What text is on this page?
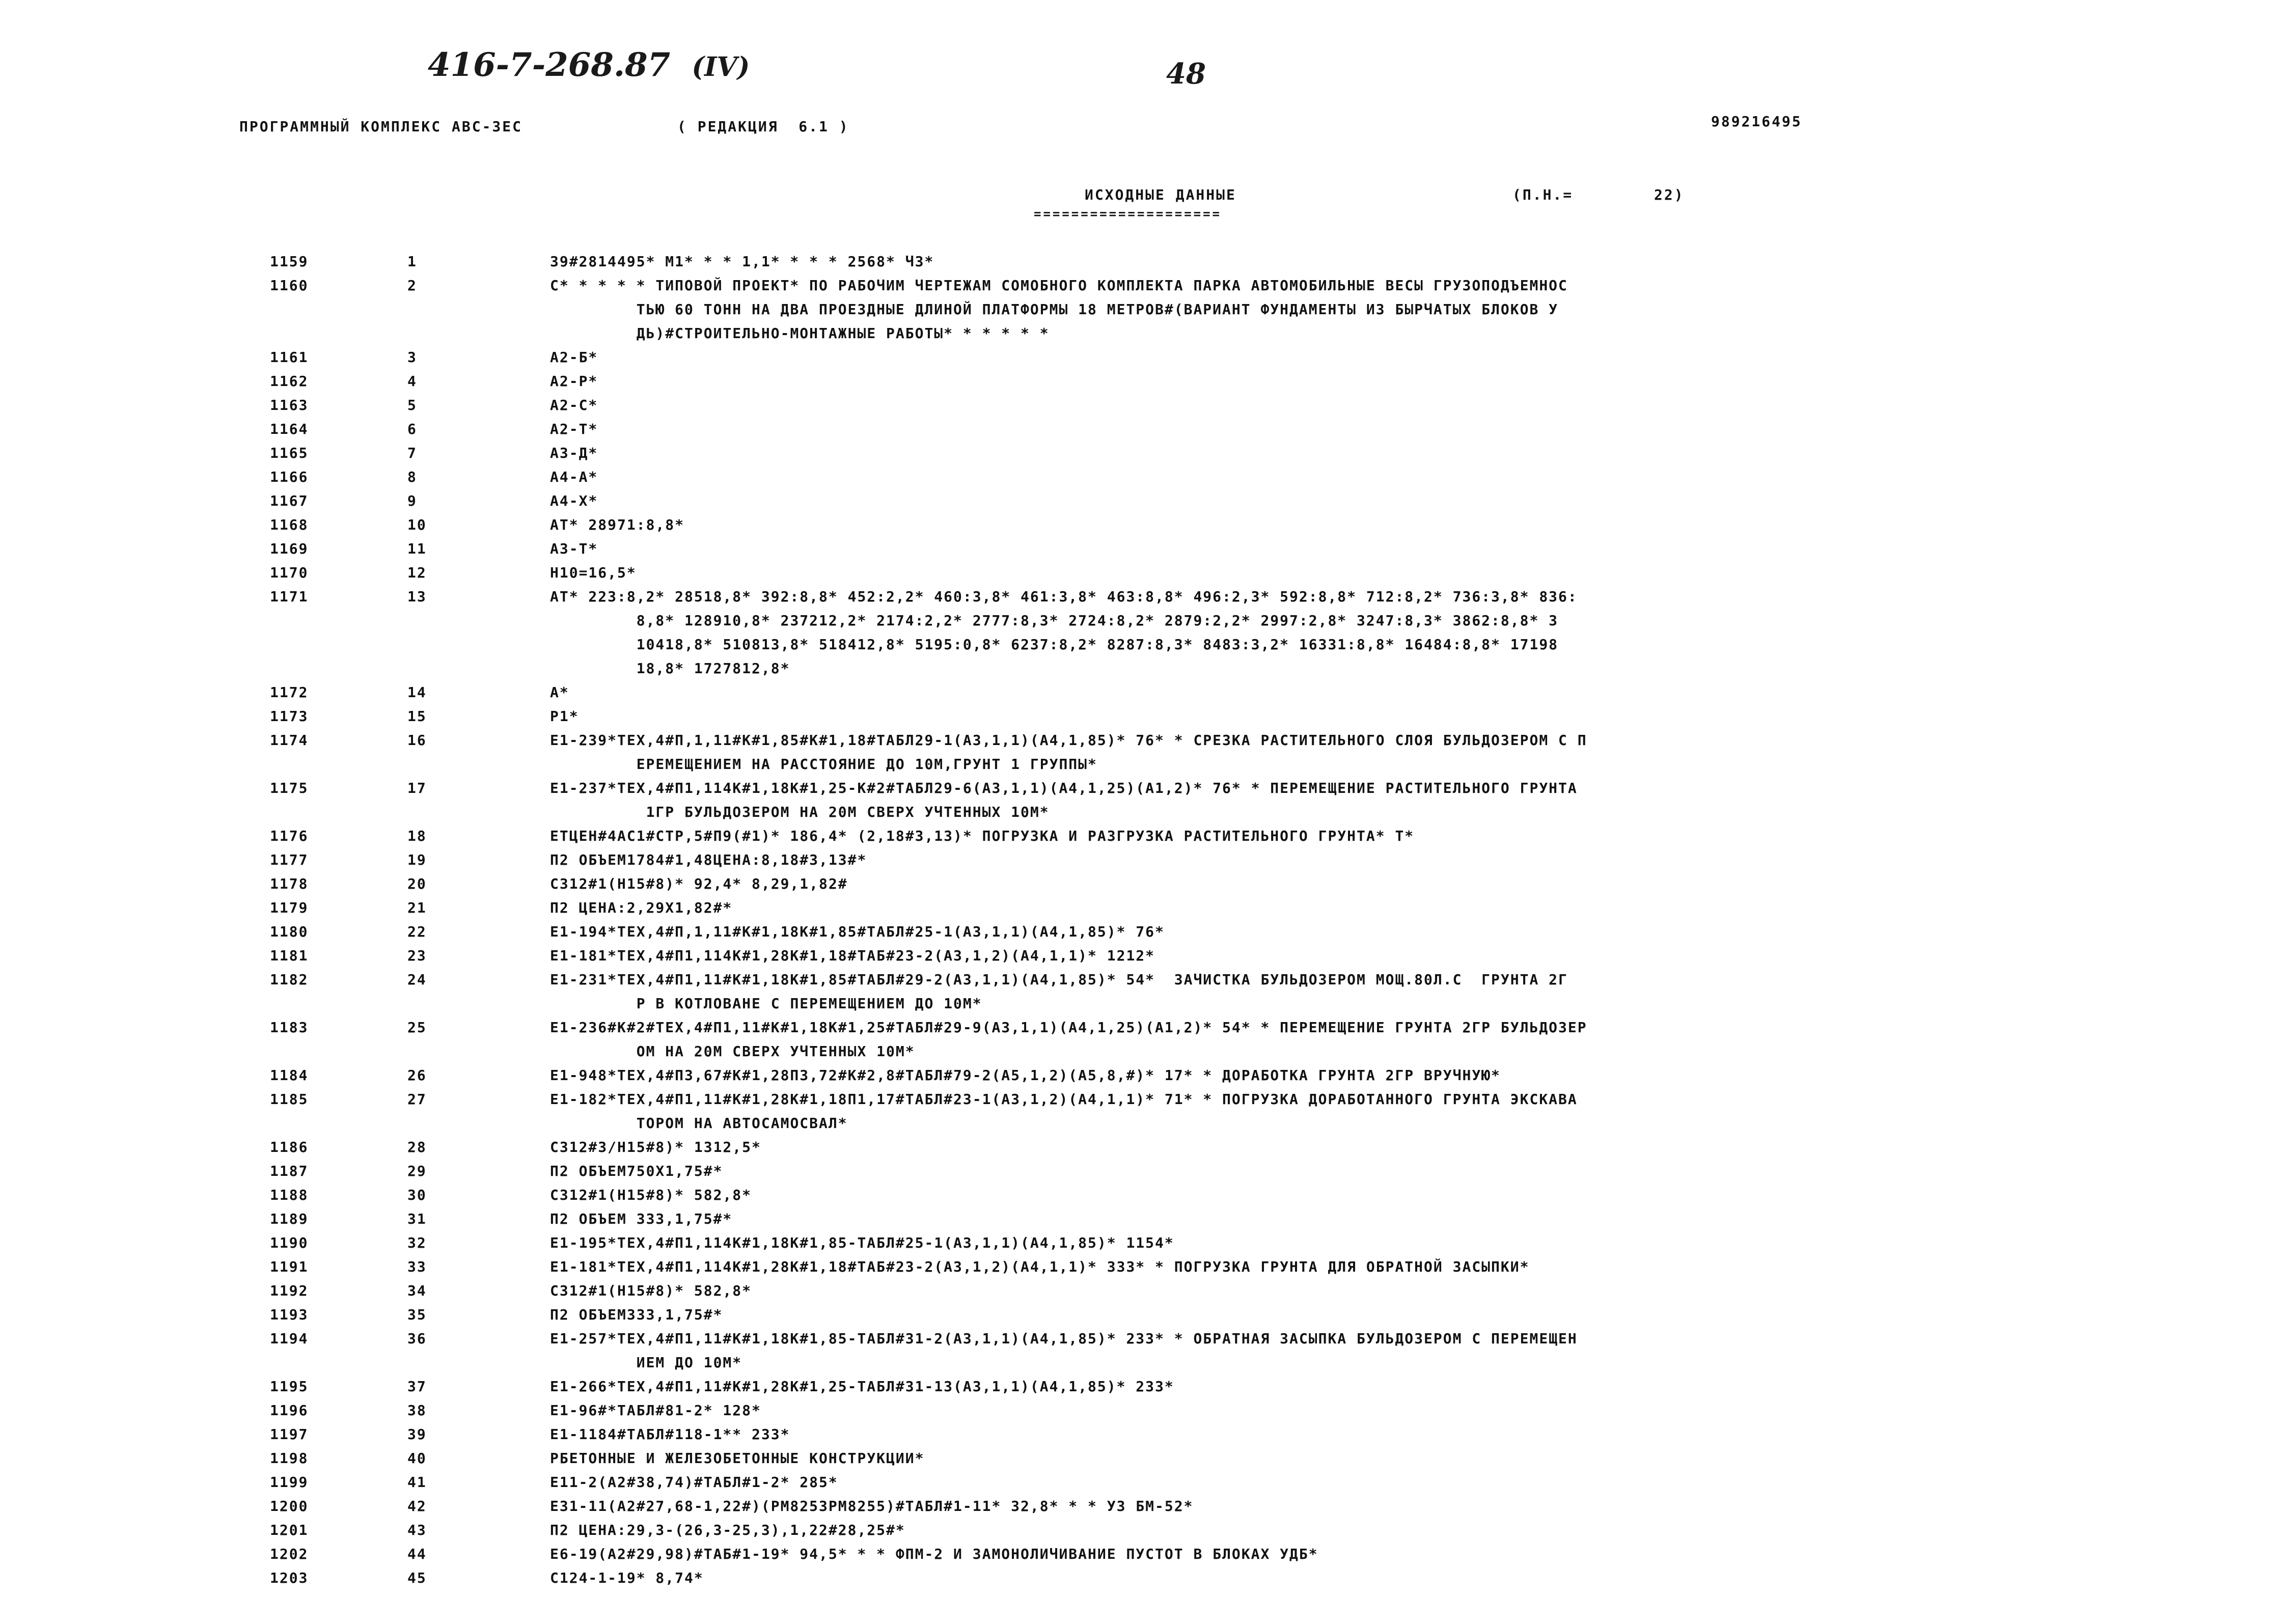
416-7-268.87 (IV)	48
ПРОГРАММНЫЙ КОМПЛЕКС АВС-3ЕС	( РЕДАКЦИЯ  6.1 )	989216495
ИСХОДНЫЕ ДАННЫЕ
====================
(П.Н.=        22)
1159	1	39#2814495* М1* * * 1,1* * * * 2568* ЧЗ*
1160	2	С* * * * * ТИПОВОЙ ПРОЕКТ* ПО РАБОЧИМ ЧЕРТЕЖАМ СОМОБНОГО КОМПЛЕКТА ПАРКА АВТОМОБИЛЬНЫЕ ВЕСЫ ГРУЗОПОДЪЕМНОС
ТЬЮ 60 ТОНН НА ДВА ПРОЕЗДНЫЕ ДЛИНОЙ ПЛАТФОРМЫ 18 МЕТРОВ#(ВАРИАНТ ФУНДАМЕНТЫ ИЗ БЫРЧАТЫХ БЛОКОВ У
ДЬ)#СТРОИТЕЛЬНО-МОНТАЖНЫЕ РАБОТЫ* * * * * *
1161	3	А2-Б*
1162	4	А2-Р*
1163	5	А2-С*
1164	6	А2-Т*
1165	7	А3-Д*
1166	8	А4-А*
1167	9	А4-Х*
1168	10	АТ* 28971:8,8*
1169	11	А3-Т*
1170	12	Н10=16,5*
1171	13	АТ* 223:8,2* 28518,8* 392:8,8* 452:2,2* 460:3,8* 461:3,8* 463:8,8* 496:2,3* 592:8,8* 712:8,2* 736:3,8* 836:
8,8* 128910,8* 237212,2* 2174:2,2* 2777:8,3* 2724:8,2* 2879:2,2* 2997:2,8* 3247:8,3* 3862:8,8* 3
10418,8* 510813,8* 518412,8* 5195:0,8* 6237:8,2* 8287:8,3* 8483:3,2* 16331:8,8* 16484:8,8* 17198
18,8* 1727812,8*
1172	14	А*
1173	15	Р1*
1174	16	Е1-239*ТЕХ,4#П,1,11#К#1,85#К#1,18#ТАБЛ29-1(А3,1,1)(А4,1,85)* 76* * СРЕЗКА РАСТИТЕЛЬНОГО СЛОЯ БУЛЬДОЗЕРОМ С П
ЕРЕМЕЩЕНИЕМ НА РАССТОЯНИЕ ДО 10М,ГРУНТ 1 ГРУППЫ*
1175	17	Е1-237*ТЕХ,4#П1,114К#1,18К#1,25-К#2#ТАБЛ29-6(А3,1,1)(А4,1,25)(А1,2)* 76* * ПЕРЕМЕЩЕНИЕ РАСТИТЕЛЬНОГО ГРУНТА
1ГР БУЛЬДОЗЕРОМ НА 20М СВЕРХ УЧТЕННЫХ 10М*
1176	18	ЕТЦЕН#4АС1#СТР,5#П9(#1)* 186,4* (2,18#3,13)* ПОГРУЗКА И РАЗГРУЗКА РАСТИТЕЛЬНОГО ГРУНТА* Т*
1177	19	П2 ОБЪЕМ1784#1,48ЦЕНА:8,18#3,13#*
1178	20	С312#1(Н15#8)* 92,4* 8,29,1,82#
1179	21	П2 ЦЕНА:2,29Х1,82#*
1180	22	Е1-194*ТЕХ,4#П,1,11#К#1,18К#1,85#ТАБЛ#25-1(А3,1,1)(А4,1,85)* 76*
1181	23	Е1-181*ТЕХ,4#П1,114К#1,28К#1,18#ТАБ#23-2(А3,1,2)(А4,1,1)* 1212*
1182	24	Е1-231*ТЕХ,4#П1,11#К#1,18К#1,85#ТАБЛ#29-2(А3,1,1)(А4,1,85)* 54*  ЗАЧИСТКА БУЛЬДОЗЕРОМ МОЩ.80Л.С  ГРУНТА 2Г
Р В КОТЛОВАНЕ С ПЕРЕМЕЩЕНИЕМ ДО 10М*
1183	25	Е1-236#К#2#ТЕХ,4#П1,11#К#1,18К#1,25#ТАБЛ#29-9(А3,1,1)(А4,1,25)(А1,2)* 54* * ПЕРЕМЕЩЕНИЕ ГРУНТА 2ГР БУЛЬДОЗЕР
ОМ НА 20М СВЕРХ УЧТЕННЫХ 10М*
1184	26	Е1-948*ТЕХ,4#П3,67#К#1,28П3,72#К#2,8#ТАБЛ#79-2(А5,1,2)(А5,8,#)* 17* * ДОРАБОТКА ГРУНТА 2ГР ВРУЧНУЮ*
1185	27	Е1-182*ТЕХ,4#П1,11#К#1,28К#1,18П1,17#ТАБЛ#23-1(А3,1,2)(А4,1,1)* 71* * ПОГРУЗКА ДОРАБОТАННОГО ГРУНТА ЭКСКАВА
ТОРОМ НА АВТОСАМОСВАЛ*
1186	28	С312#3/Н15#8)* 1312,5*
1187	29	П2 ОБЪЕМ750Х1,75#*
1188	30	С312#1(Н15#8)* 582,8*
1189	31	П2 ОБЪЕМ 333,1,75#*
1190	32	Е1-195*ТЕХ,4#П1,114К#1,18К#1,85-ТАБЛ#25-1(А3,1,1)(А4,1,85)* 1154*
1191	33	Е1-181*ТЕХ,4#П1,114К#1,28К#1,18#ТАБ#23-2(А3,1,2)(А4,1,1)* 333* * ПОГРУЗКА ГРУНТА ДЛЯ ОБРАТНОЙ ЗАСЫПКИ*
1192	34	С312#1(Н15#8)* 582,8*
1193	35	П2 ОБЪЕМ333,1,75#*
1194	36	Е1-257*ТЕХ,4#П1,11#К#1,18К#1,85-ТАБЛ#31-2(А3,1,1)(А4,1,85)* 233* * ОБРАТНАЯ ЗАСЫПКА БУЛЬДОЗЕРОМ С ПЕРЕМЕЩЕН
ИЕМ ДО 10М*
1195	37	Е1-266*ТЕХ,4#П1,11#К#1,28К#1,25-ТАБЛ#31-13(А3,1,1)(А4,1,85)* 233*
1196	38	Е1-96#*ТАБЛ#81-2* 128*
1197	39	Е1-1184#ТАБЛ#118-1** 233*
1198	40	РБЕТОННЫЕ И ЖЕЛЕЗОБЕТОННЫЕ КОНСТРУКЦИИ*
1199	41	Е11-2(А2#38,74)#ТАБЛ#1-2* 285*
1200	42	Е31-11(А2#27,68-1,22#)(РМ8253РМ8255)#ТАБЛ#1-11* 32,8* * * УЗ БМ-52*
1201	43	П2 ЦЕНА:29,3-(26,3-25,3),1,22#28,25#*
1202	44	Е6-19(А2#29,98)#ТАБ#1-19* 94,5* * * ФПМ-2 И ЗАМОНОЛИЧИВАНИЕ ПУСТОТ В БЛОКАХ УДБ*
1203	45	С124-1-19* 8,74*
